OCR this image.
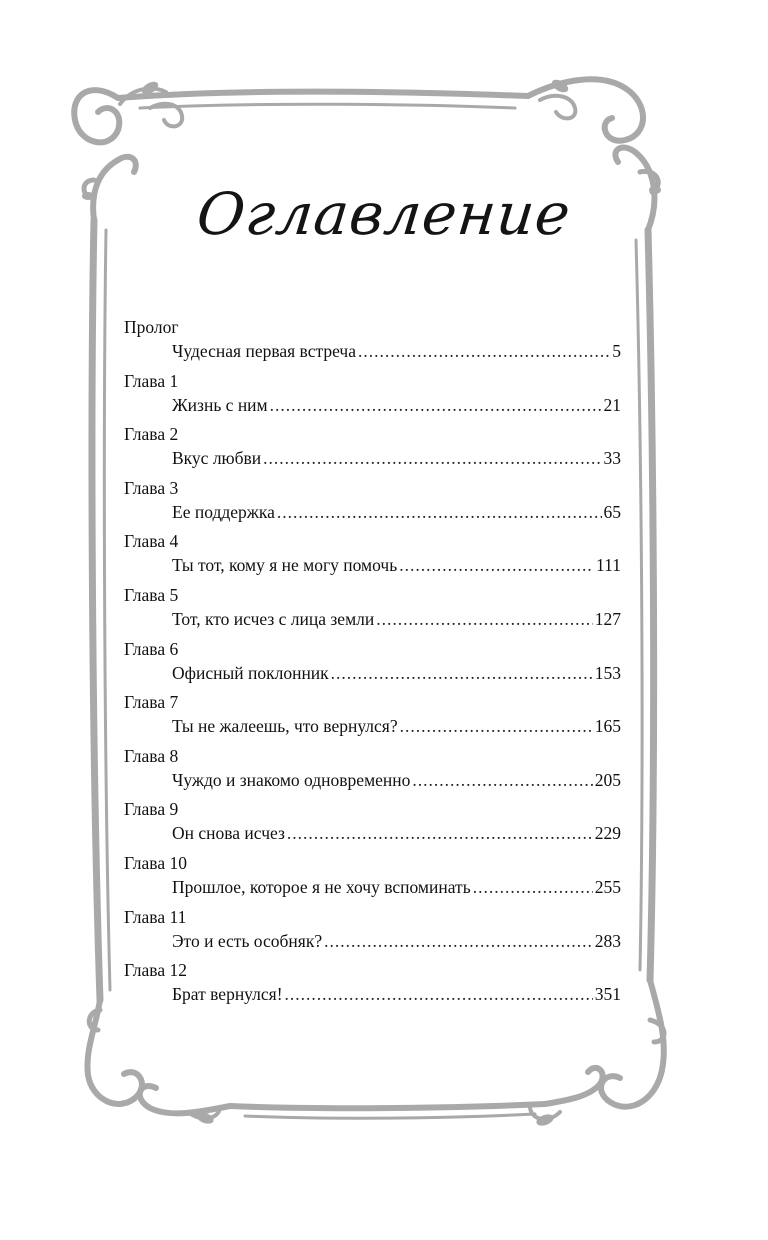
Оглавление
Пролог
Чудесная первая встреча .....	5
Глава 1
Жизнь с ним .....	21
Глава 2
Вкус любви .....	33
Глава 3
Ее поддержка .....	65
Глава 4
Ты тот, кому я не могу помочь .....	111
Глава 5
Тот, кто исчез с лица земли .....	127
Глава 6
Офисный поклонник .....	153
Глава 7
Ты не жалеешь, что вернулся? .....	165
Глава 8
Чуждо и знакомо одновременно .....	205
Глава 9
Он снова исчез .....	229
Глава 10
Прошлое, которое я не хочу вспоминать .....	255
Глава 11
Это и есть особняк? .....	283
Глава 12
Брат вернулся! .....	351
